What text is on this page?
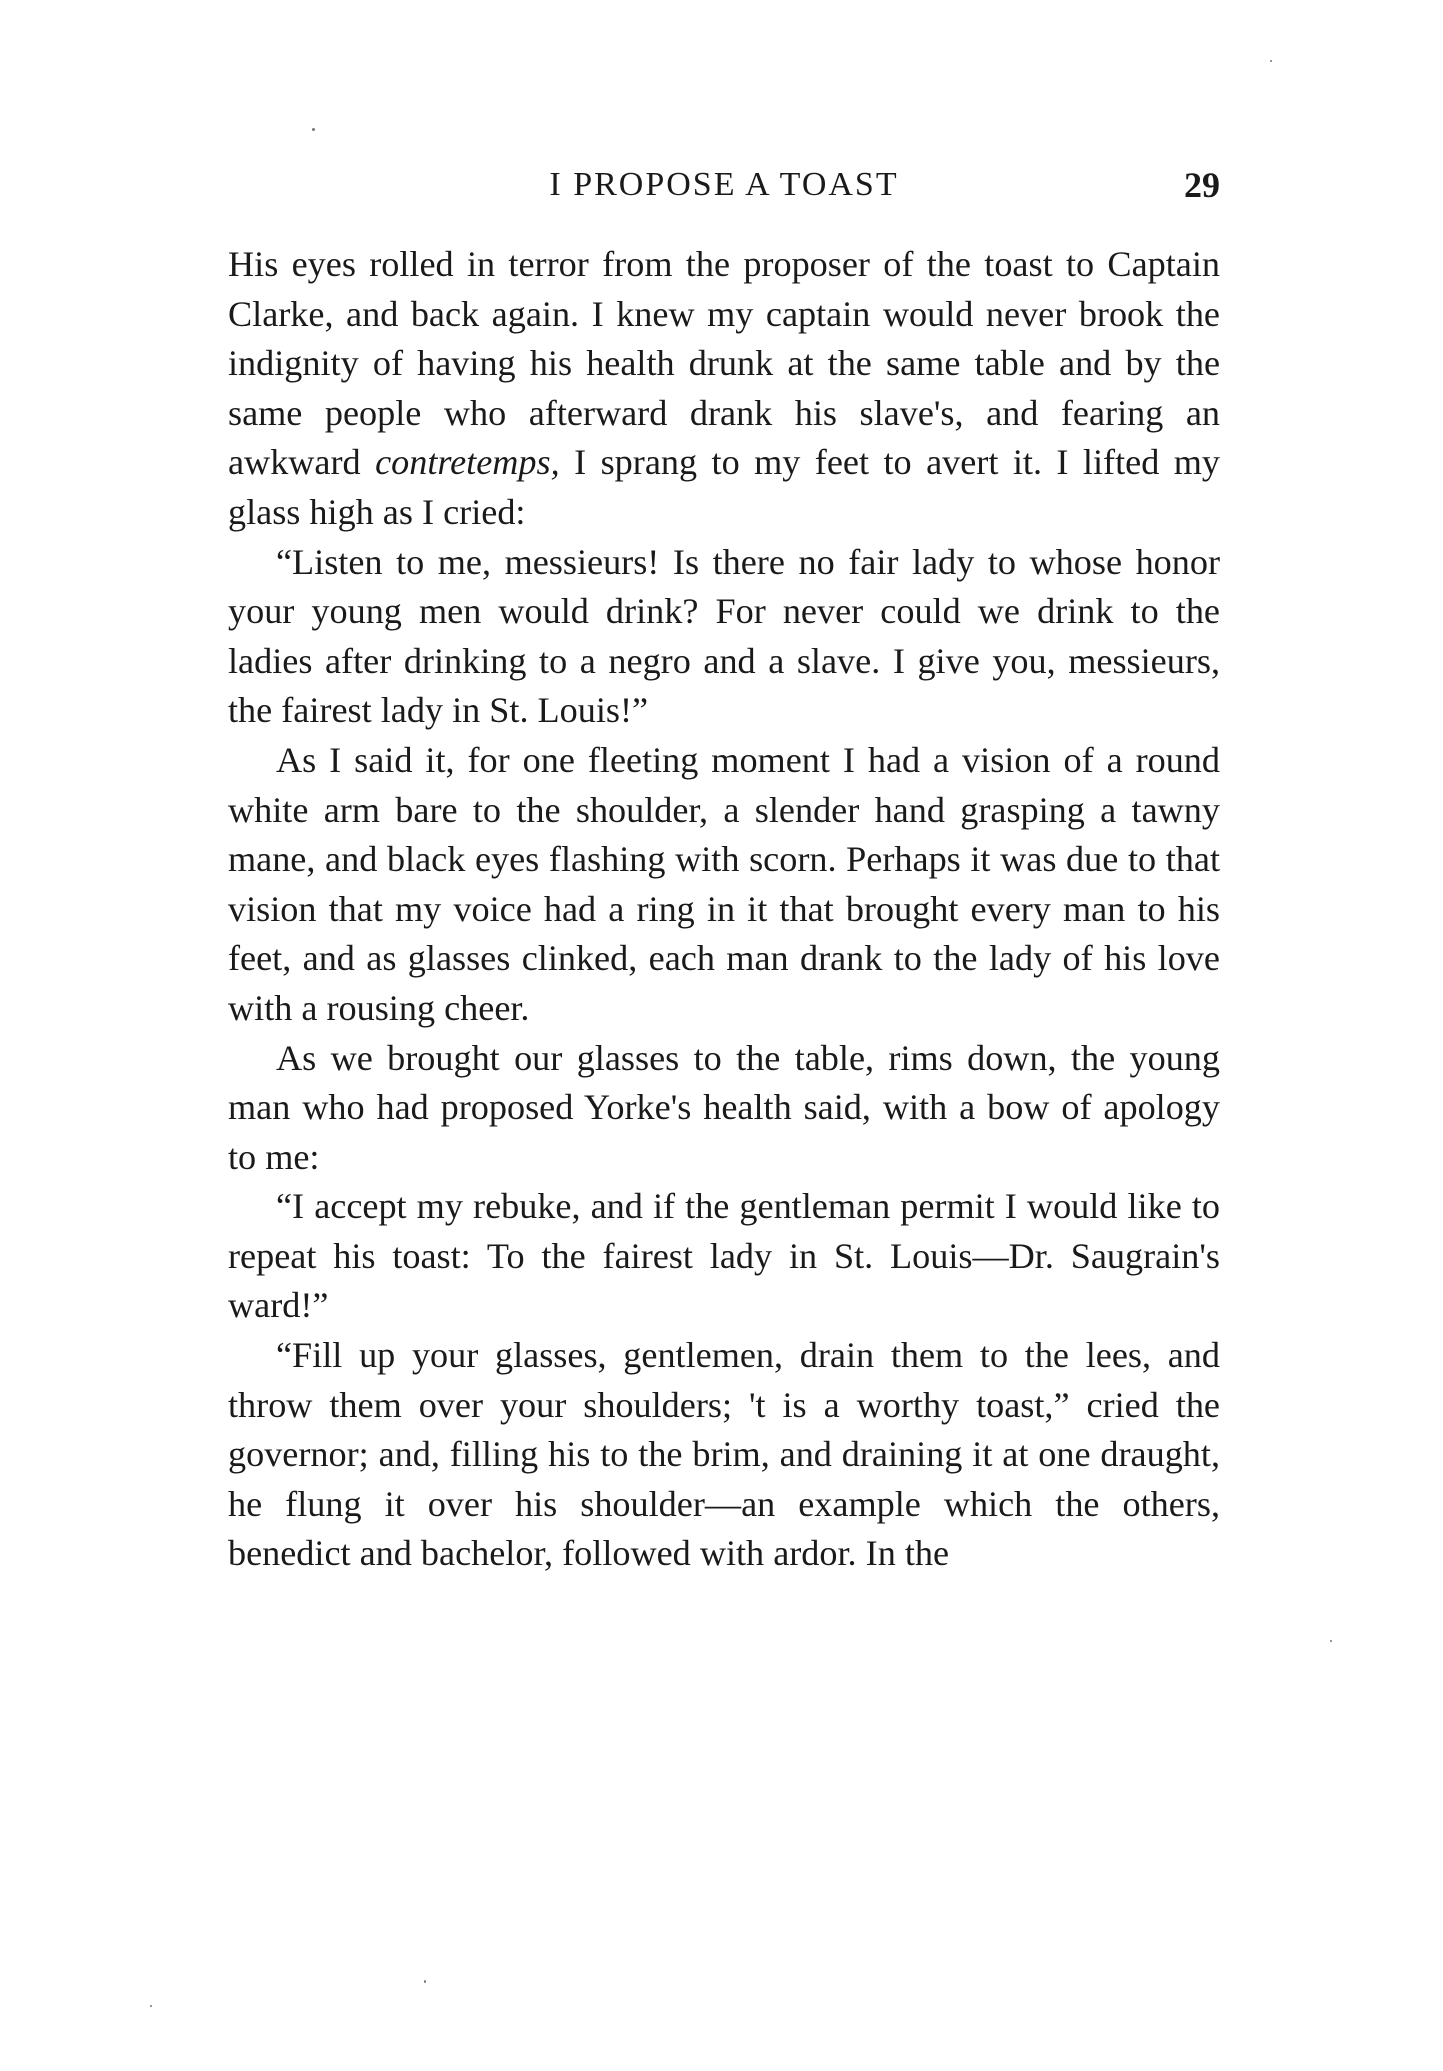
I PROPOSE A TOAST	29

His eyes rolled in terror from the proposer of the toast to Captain Clarke, and back again. I knew my captain would never brook the indignity of having his health drunk at the same table and by the same people who afterward drank his slave's, and fearing an awkward contretemps, I sprang to my feet to avert it. I lifted my glass high as I cried:

“Listen to me, messieurs! Is there no fair lady to whose honor your young men would drink? For never could we drink to the ladies after drinking to a negro and a slave. I give you, messieurs, the fairest lady in St. Louis!”

As I said it, for one fleeting moment I had a vision of a round white arm bare to the shoulder, a slender hand grasping a tawny mane, and black eyes flashing with scorn. Perhaps it was due to that vision that my voice had a ring in it that brought every man to his feet, and as glasses clinked, each man drank to the lady of his love with a rousing cheer.

As we brought our glasses to the table, rims down, the young man who had proposed Yorke's health said, with a bow of apology to me:

“I accept my rebuke, and if the gentleman permit I would like to repeat his toast: To the fairest lady in St. Louis—Dr. Saugrain's ward!”

“Fill up your glasses, gentlemen, drain them to the lees, and throw them over your shoulders; 't is a worthy toast,” cried the governor; and, filling his to the brim, and draining it at one draught, he flung it over his shoulder—an example which the others, benedict and bachelor, followed with ardor. In the
